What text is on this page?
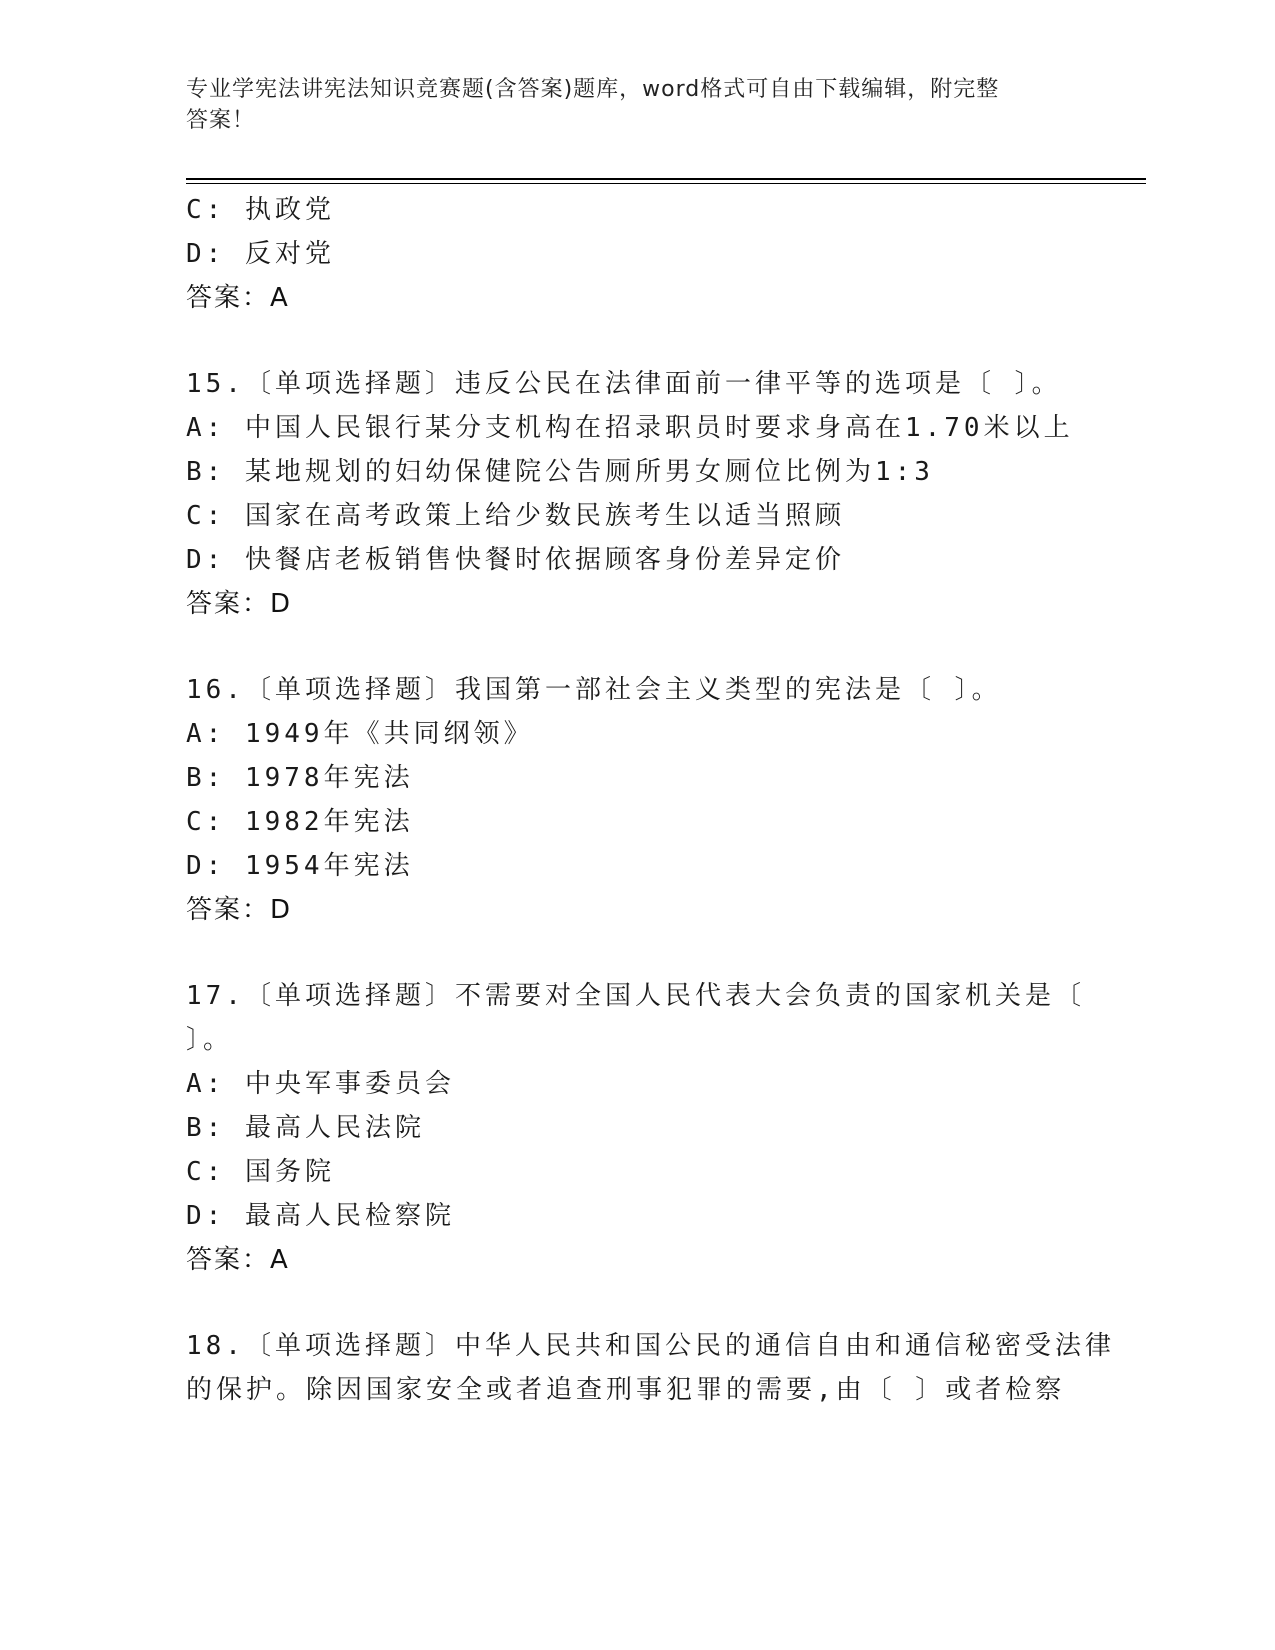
专业学宪法讲宪法知识竞赛题(含答案)题库，word格式可自由下载编辑，附完整
答案！
C: 执政党
D: 反对党
答案：A
15.〔单项选择题〕违反公民在法律面前一律平等的选项是〔 〕。
A: 中国人民银行某分支机构在招录职员时要求身高在1.70米以上
B: 某地规划的妇幼保健院公告厕所男女厕位比例为1:3
C: 国家在高考政策上给少数民族考生以适当照顾
D: 快餐店老板销售快餐时依据顾客身份差异定价
答案：D
16.〔单项选择题〕我国第一部社会主义类型的宪法是〔 〕。
A: 1949年《共同纲领》
B: 1978年宪法
C: 1982年宪法
D: 1954年宪法
答案：D
17.〔单项选择题〕不需要对全国人民代表大会负责的国家机关是〔
〕。
A: 中央军事委员会
B: 最高人民法院
C: 国务院
D: 最高人民检察院
答案：A
18.〔单项选择题〕中华人民共和国公民的通信自由和通信秘密受法律
的保护。除因国家安全或者追查刑事犯罪的需要,由〔 〕或者检察
